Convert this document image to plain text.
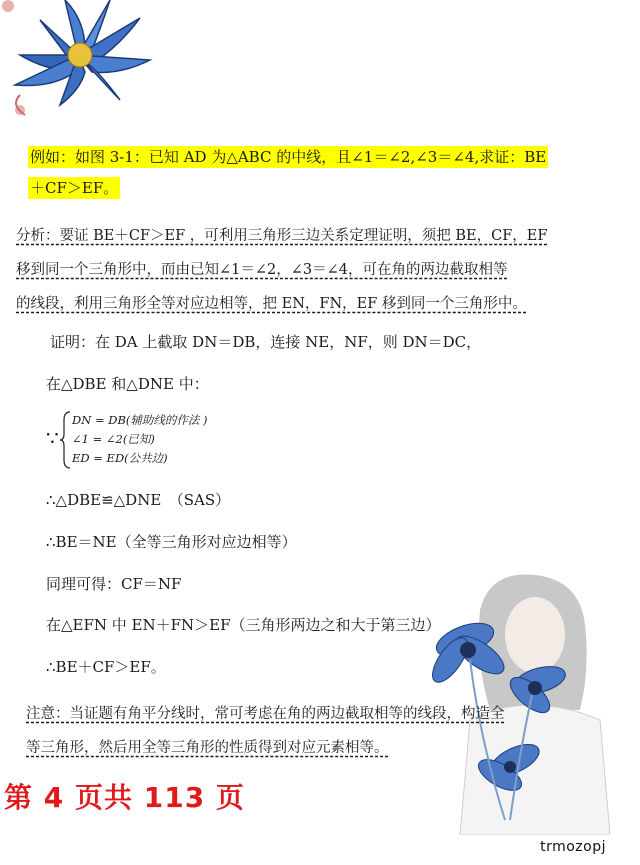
例如：如图 3-1：已知 AD 为△ABC 的中线，且∠1＝∠2,∠3＝∠4,求证：BE
＋CF＞EF。
分析：要证 BE＋CF＞EF ，可利用三角形三边关系定理证明，须把 BE，CF，EF
移到同一个三角形中，而由已知∠1＝∠2，∠3＝∠4，可在角的两边截取相等
的线段，利用三角形全等对应边相等，把 EN，FN，EF 移到同一个三角形中。
证明：在 DA 上截取 DN＝DB，连接 NE，NF，则 DN＝DC，
在△DBE 和△DNE 中：
∵
DN = DB(辅助线的作法 )
∠1 = ∠2(已知)
ED = ED(公共边)
∴△DBE≌△DNE　（SAS）
∴BE＝NE（全等三角形对应边相等）
同理可得：CF＝NF
在△EFN 中 EN＋FN＞EF（三角形两边之和大于第三边）
∴BE＋CF＞EF。
注意：当证题有角平分线时，常可考虑在角的两边截取相等的线段，构造全
等三角形，然后用全等三角形的性质得到对应元素相等。
第 4 页共 113 页
trmozopj
